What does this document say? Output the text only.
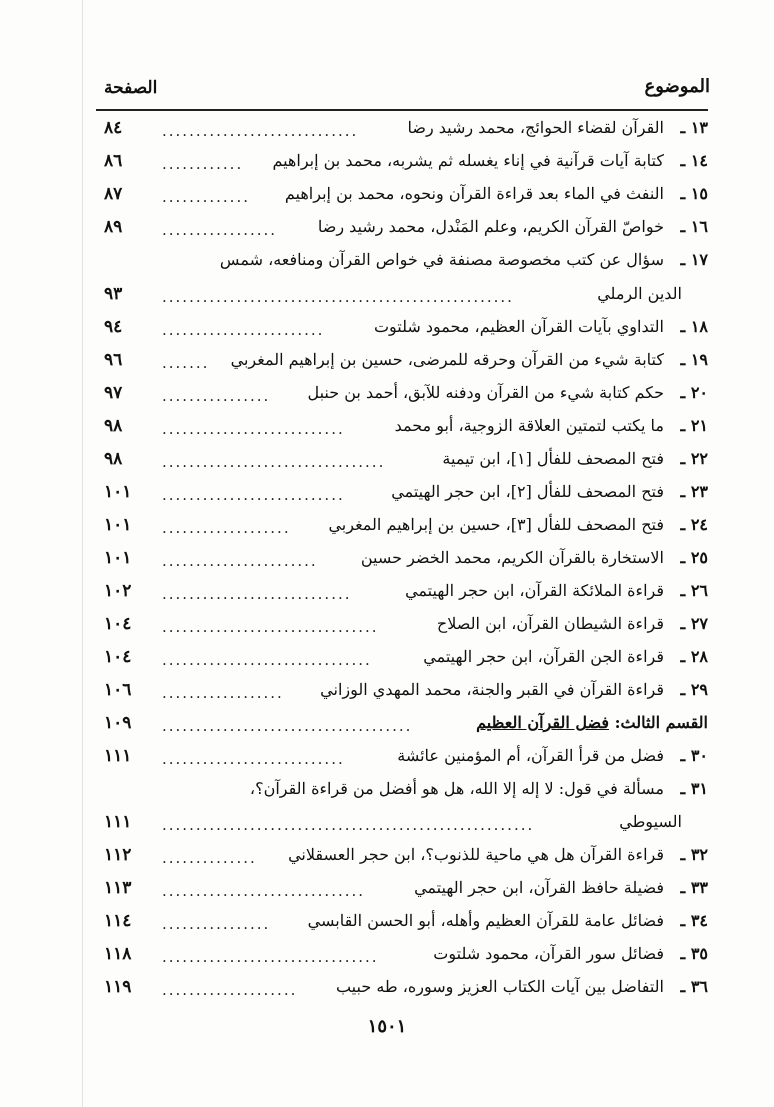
الموضوع
الصفحة
١٣ ـ
القرآن لقضاء الحوائج، محمد رشيد رضا
.............................
٨٤
١٤ ـ
كتابة آيات قرآنية في إناء يغسله ثم يشربه، محمد بن إبراهيم
............
٨٦
١٥ ـ
النفث في الماء بعد قراءة القرآن ونحوه، محمد بن إبراهيم
.............
٨٧
١٦ ـ
خواصّ القرآن الكريم، وعلم المَنْدل، محمد رشيد رضا
.................
٨٩
١٧ ـ
سؤال عن كتب مخصوصة مصنفة في خواص القرآن ومنافعه، شمس
الدين الرملي
....................................................
٩٣
١٨ ـ
التداوي بآيات القرآن العظيم، محمود شلتوت
........................
٩٤
١٩ ـ
كتابة شيء من القرآن وحرقه للمرضى، حسين بن إبراهيم المغربي
.......
٩٦
٢٠ ـ
حكم كتابة شيء من القرآن ودفنه للآبق، أحمد بن حنبل
................
٩٧
٢١ ـ
ما يكتب لتمتين العلاقة الزوجية، أبو محمد
...........................
٩٨
٢٢ ـ
فتح المصحف للفأل [١]، ابن تيمية
.................................
٩٨
٢٣ ـ
فتح المصحف للفأل [٢]، ابن حجر الهيتمي
...........................
١٠١
٢٤ ـ
فتح المصحف للفأل [٣]، حسين بن إبراهيم المغربي
...................
١٠١
٢٥ ـ
الاستخارة بالقرآن الكريم، محمد الخضر حسين
.......................
١٠١
٢٦ ـ
قراءة الملائكة القرآن، ابن حجر الهيتمي
............................
١٠٢
٢٧ ـ
قراءة الشيطان القرآن، ابن الصلاح
................................
١٠٤
٢٨ ـ
قراءة الجن القرآن، ابن حجر الهيتمي
...............................
١٠٤
٢٩ ـ
قراءة القرآن في القبر والجنة، محمد المهدي الوزاني
..................
١٠٦
القسم الثالث: فضل القرآن العظيم
.....................................
١٠٩
٣٠ ـ
فضل من قرأ القرآن، أم المؤمنين عائشة
...........................
١١١
٣١ ـ
مسألة في قول: لا إله إلا الله، هل هو أفضل من قراءة القرآن؟،
السيوطي
.......................................................
١١١
٣٢ ـ
قراءة القرآن هل هي ماحية للذنوب؟، ابن حجر العسقلاني
..............
١١٢
٣٣ ـ
فضيلة حافظ القرآن، ابن حجر الهيتمي
..............................
١١٣
٣٤ ـ
فضائل عامة للقرآن العظيم وأهله، أبو الحسن القابسي
................
١١٤
٣٥ ـ
فضائل سور القرآن، محمود شلتوت
................................
١١٨
٣٦ ـ
التفاضل بين آيات الكتاب العزيز وسوره، طه حبيب
....................
١١٩
١٥٠١
